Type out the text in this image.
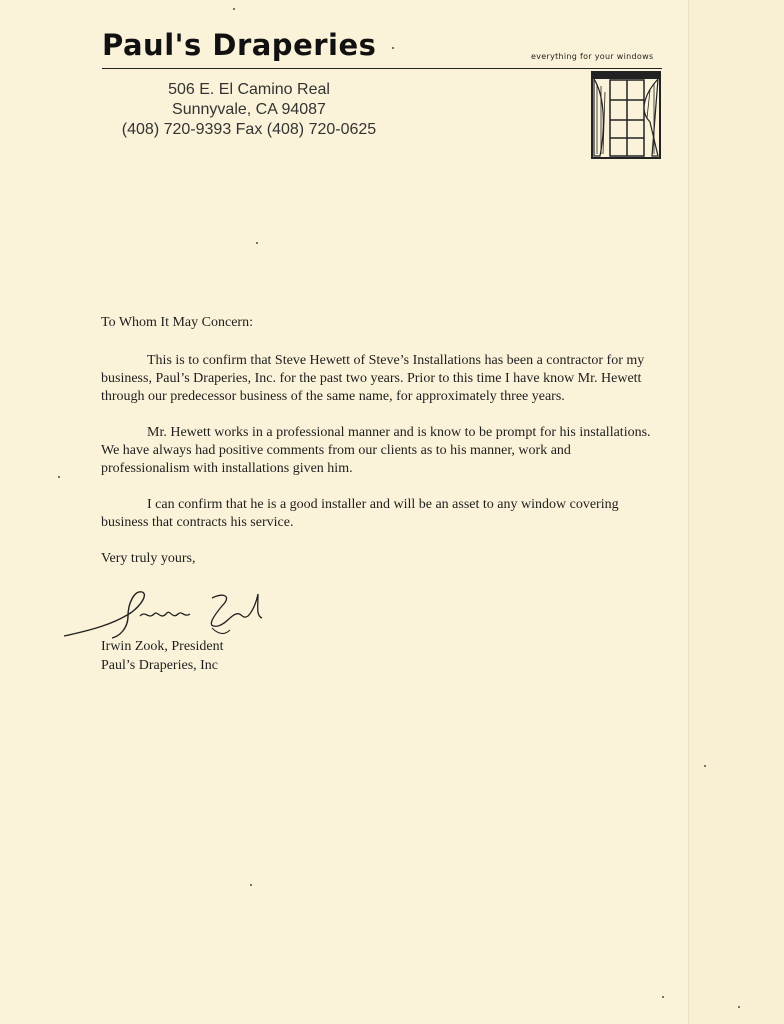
Paul's Draperies	everything for your windows
506 E. El Camino Real
Sunnyvale, CA 94087
(408) 720-9393 Fax (408) 720-0625

To Whom It May Concern:

This is to confirm that Steve Hewett of Steve’s Installations has been a contractor for my business, Paul’s Draperies, Inc. for the past two years. Prior to this time I have know Mr. Hewett through our predecessor business of the same name, for approximately three years.

Mr. Hewett works in a professional manner and is know to be prompt for his installations. We have always had positive comments from our clients as to his manner, work and professionalism with installations given him.

I can confirm that he is a good installer and will be an asset to any window covering business that contracts his service.

Very truly yours,

Irwin Zook, President
Paul’s Draperies, Inc
